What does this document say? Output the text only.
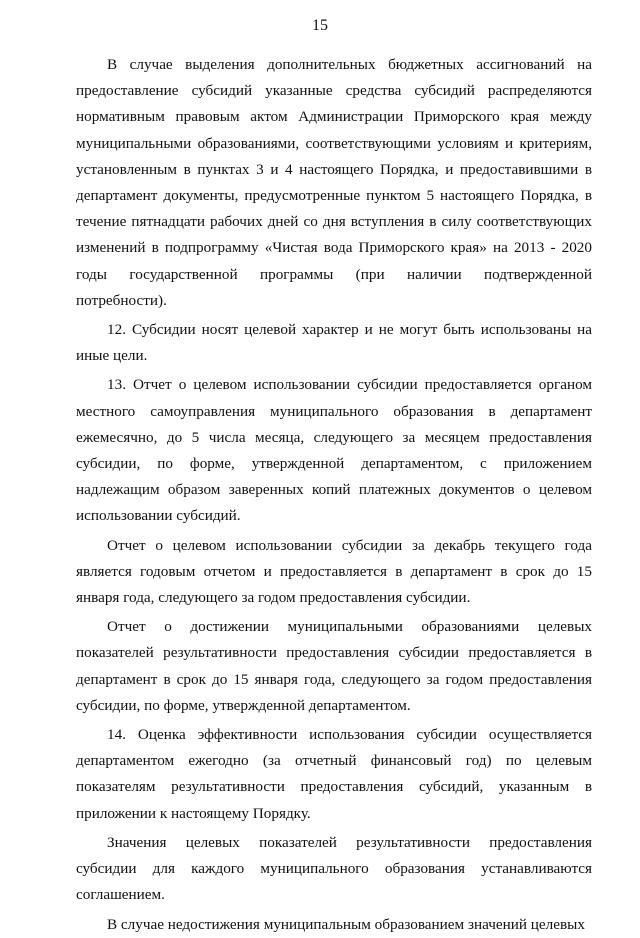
15

В случае выделения дополнительных бюджетных ассигнований на предоставление субсидий указанные средства субсидий распределяются нормативным правовым актом Администрации Приморского края между муниципальными образованиями, соответствующими условиям и критериям, установленным в пунктах 3 и 4 настоящего Порядка, и предоставившими в департамент документы, предусмотренные пунктом 5 настоящего Порядка, в течение пятнадцати рабочих дней со дня вступления в силу соответствующих изменений в подпрограмму «Чистая вода Приморского края» на 2013 - 2020 годы государственной программы (при наличии подтвержденной потребности).

12. Субсидии носят целевой характер и не могут быть использованы на иные цели.

13. Отчет о целевом использовании субсидии предоставляется органом местного самоуправления муниципального образования в департамент ежемесячно, до 5 числа месяца, следующего за месяцем предоставления субсидии, по форме, утвержденной департаментом, с приложением надлежащим образом заверенных копий платежных документов о целевом использовании субсидий.

Отчет о целевом использовании субсидии за декабрь текущего года является годовым отчетом и предоставляется в департамент в срок до 15 января года, следующего за годом предоставления субсидии.

Отчет о достижении муниципальными образованиями целевых показателей результативности предоставления субсидии предоставляется в департамент в срок до 15 января года, следующего за годом предоставления субсидии, по форме, утвержденной департаментом.

14. Оценка эффективности использования субсидии осуществляется департаментом ежегодно (за отчетный финансовый год) по целевым показателям результативности предоставления субсидий, указанным в приложении к настоящему Порядку.

Значения целевых показателей результативности предоставления субсидии для каждого муниципального образования устанавливаются соглашением.

В случае недостижения муниципальным образованием значений целевых
